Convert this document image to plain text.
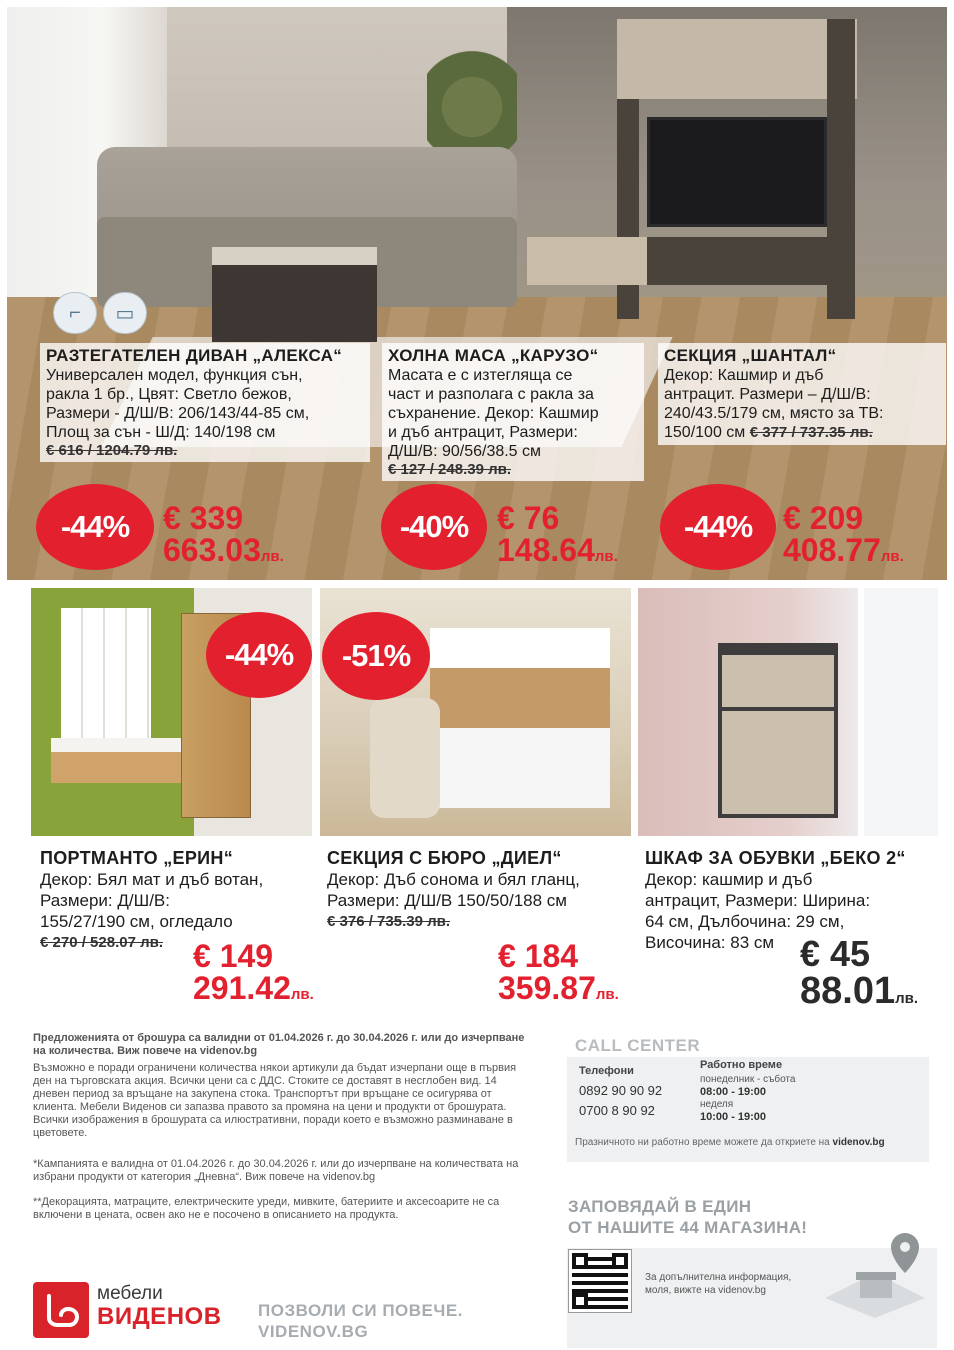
⌐	▭
РАЗТЕГАТЕЛЕН ДИВАН „АЛЕКСА“

Универсален модел, функция сън,

ракла 1 бр., Цвят: Светло бежов,

Размери - Д/Ш/В: 206/143/44-85 см,

Площ за сън - Ш/Д: 140/198 см

€ 616 / 1204.79 лв.
ХОЛНА МАСА „КАРУЗО“

Масата е с изтеглящa се

част и разполага с ракла за

съхранение. Декор: Кашмир

и дъб антрацит, Размери:

Д/Ш/В: 90/56/38.5 см

€ 127 / 248.39 лв.
СЕКЦИЯ „ШАНТАЛ“

Декор: Кашмир и дъб

антрацит. Размери – Д/Ш/В:

240/43.5/179 см, място за ТВ:

150/100 см € 377 / 737.35 лв.
-44%	€ 339
663.03лв.
-40% € 76
148.64лв.
-44% € 209
408.77лв.
-44%	-51%
ПОРТМАНТО „ЕРИН“

Декор: Бял мат и дъб вотан,

Размери: Д/Ш/В:

155/27/190 см, огледало

€ 270 / 528.07 лв. € 149
291.42лв.
СЕКЦИЯ С БЮРО „ДИЕЛ“

Декор: Дъб сонома и бял гланц,

Размери: Д/Ш/В 150/50/188 см

€ 376 / 735.39 лв.
€ 184
359.87лв.
ШКАФ ЗА ОБУВКИ „БЕКО 2“

Декор: кашмир и дъб

антрацит, Размери: Ширина:

64 см, Дълбочина: 29 см,

Височина: 83 см € 45
88.01лв.
Предложенията от брошура са валидни от 01.04.2026 г. до 30.04.2026 г. или до изчерпване на количества. Виж повече на videnov.bg
Възможно е поради ограничени количества някои артикули да бъдат изчерпани още в първия ден на търговската акция. Всички цени са с ДДС. Стоките се доставят в несглобен вид. 14 дневен период за връщане на закупена стока. Транспортът при връщане се осигурява от клиента. Мебели Виденов си запазва правото за промяна на цени и продукти от брошурата. Всички изображения в брошурата са илюстративни, поради което е възможно разминаване в цветовете.
*Кампанията е валидна от 01.04.2026 г. до 30.04.2026 г. или до изчерпване на количествата на избрани продукти от категория „Дневна“. Виж повече на videnov.bg
**Декорацията, матраците, електрическите уреди, мивките, батериите и аксесоарите не са включени в цената, освен ако не е посочено в описанието на продукта.
CALL CENTER
Телефони
0892 90 90 92
0700 8 90 92
Работно време
понеделник - събота
08:00 - 19:00
неделя
10:00 - 19:00
Празничното ни работно време можете да откриете на videnov.bg
ЗАПОВЯДАЙ В ЕДИН
ОТ НАШИТЕ 44 МАГАЗИНА!
За допълнителна информация, моля, вижте на videnov.bg
мебели
ВИДЕНОВ ПОЗВОЛИ СИ ПОВЕЧЕ.
VIDENOV.BG
